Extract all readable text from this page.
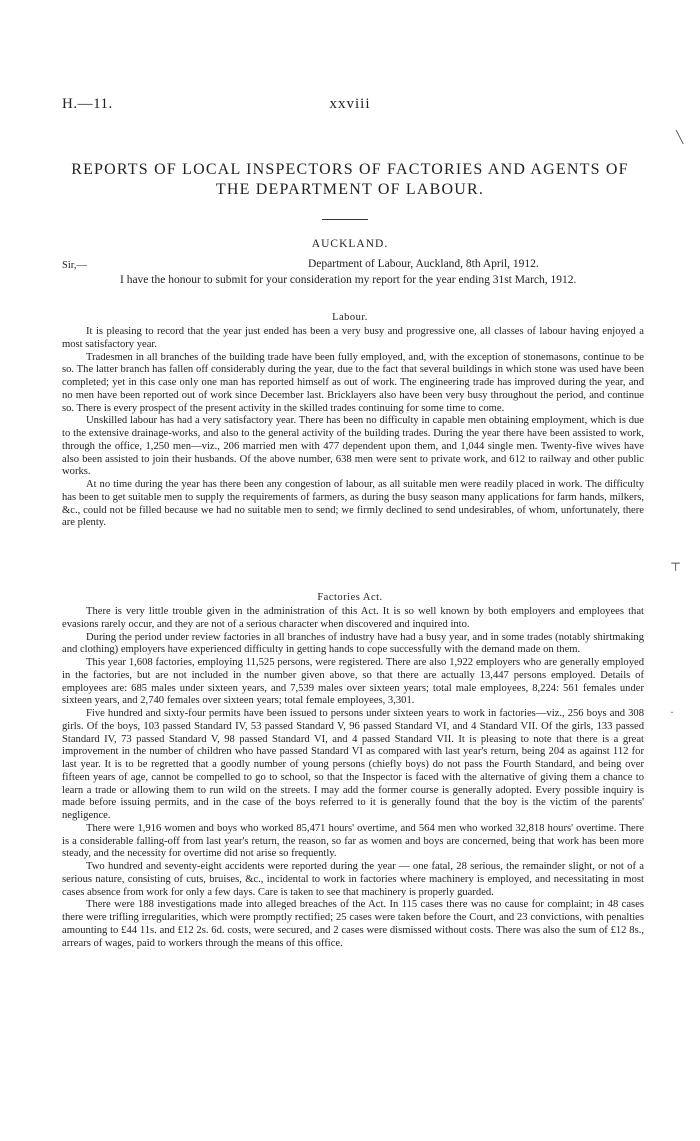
H.—11.	xxviii
REPORTS OF LOCAL INSPECTORS OF FACTORIES AND AGENTS OF
THE DEPARTMENT OF LABOUR.
AUCKLAND.
Sir,—	Department of Labour, Auckland, 8th April, 1912.

I have the honour to submit for your consideration my report for the year ending 31st March, 1912.

Labour.

It is pleasing to record that the year just ended has been a very busy and progressive one, all classes of labour having enjoyed a most satisfactory year.

Tradesmen in all branches of the building trade have been fully employed, and, with the exception of stonemasons, continue to be so. The latter branch has fallen off considerably during the year, due to the fact that several buildings in which stone was used have been completed; yet in this case only one man has reported himself as out of work. The engineering trade has improved during the year, and no men have been reported out of work since December last. Bricklayers also have been very busy throughout the period, and continue so. There is every prospect of the present activity in the skilled trades continuing for some time to come.

Unskilled labour has had a very satisfactory year. There has been no difficulty in capable men obtaining employment, which is due to the extensive drainage-works, and also to the general activity of the building trades. During the year there have been assisted to work, through the office, 1,250 men—viz., 206 married men with 477 dependent upon them, and 1,044 single men. Twenty-five wives have also been assisted to join their husbands. Of the above number, 638 men were sent to private work, and 612 to railway and other public works.

At no time during the year has there been any congestion of labour, as all suitable men were readily placed in work. The difficulty has been to get suitable men to supply the requirements of farmers, as during the busy season many applications for farm hands, milkers, &c., could not be filled because we had no suitable men to send; we firmly declined to send undesirables, of whom, unfortunately, there are plenty.

Factories Act.

There is very little trouble given in the administration of this Act. It is so well known by both employers and employees that evasions rarely occur, and they are not of a serious character when discovered and inquired into.

During the period under review factories in all branches of industry have had a busy year, and in some trades (notably shirtmaking and clothing) employers have experienced difficulty in getting hands to cope successfully with the demand made on them.

This year 1,608 factories, employing 11,525 persons, were registered. There are also 1,922 employers who are generally employed in the factories, but are not included in the number given above, so that there are actually 13,447 persons employed. Details of employees are: 685 males under sixteen years, and 7,539 males over sixteen years; total male employees, 8,224: 561 females under sixteen years, and 2,740 females over sixteen years; total female employees, 3,301.

Five hundred and sixty-four permits have been issued to persons under sixteen years to work in factories—viz., 256 boys and 308 girls. Of the boys, 103 passed Standard IV, 53 passed Standard V, 96 passed Standard VI, and 4 Standard VII. Of the girls, 133 passed Standard IV, 73 passed Standard V, 98 passed Standard VI, and 4 passed Standard VII. It is pleasing to note that there is a great improvement in the number of children who have passed Standard VI as compared with last year's return, being 204 as against 112 for last year. It is to be regretted that a goodly number of young persons (chiefly boys) do not pass the Fourth Standard, and being over fifteen years of age, cannot be compelled to go to school, so that the Inspector is faced with the alternative of giving them a chance to learn a trade or allowing them to run wild on the streets. I may add the former course is generally adopted. Every possible inquiry is made before issuing permits, and in the case of the boys referred to it is generally found that the boy is the victim of the parents' negligence.

There were 1,916 women and boys who worked 85,471 hours' overtime, and 564 men who worked 32,818 hours' overtime. There is a considerable falling-off from last year's return, the reason, so far as women and boys are concerned, being that work has been more steady, and the necessity for overtime did not arise so frequently.

Two hundred and seventy-eight accidents were reported during the year — one fatal, 28 serious, the remainder slight, or not of a serious nature, consisting of cuts, bruises, &c., incidental to work in factories where machinery is employed, and necessitating in most cases absence from work for only a few days. Care is taken to see that machinery is properly guarded.

There were 188 investigations made into alleged breaches of the Act. In 115 cases there was no cause for complaint; in 48 cases there were trifling irregularities, which were promptly rectified; 25 cases were taken before the Court, and 23 convictions, with penalties amounting to £44 11s. and £12 2s. 6d. costs, were secured, and 2 cases were dismissed without costs. There was also the sum of £12 8s., arrears of wages, paid to workers through the means of this office.

╲
⊤
·
